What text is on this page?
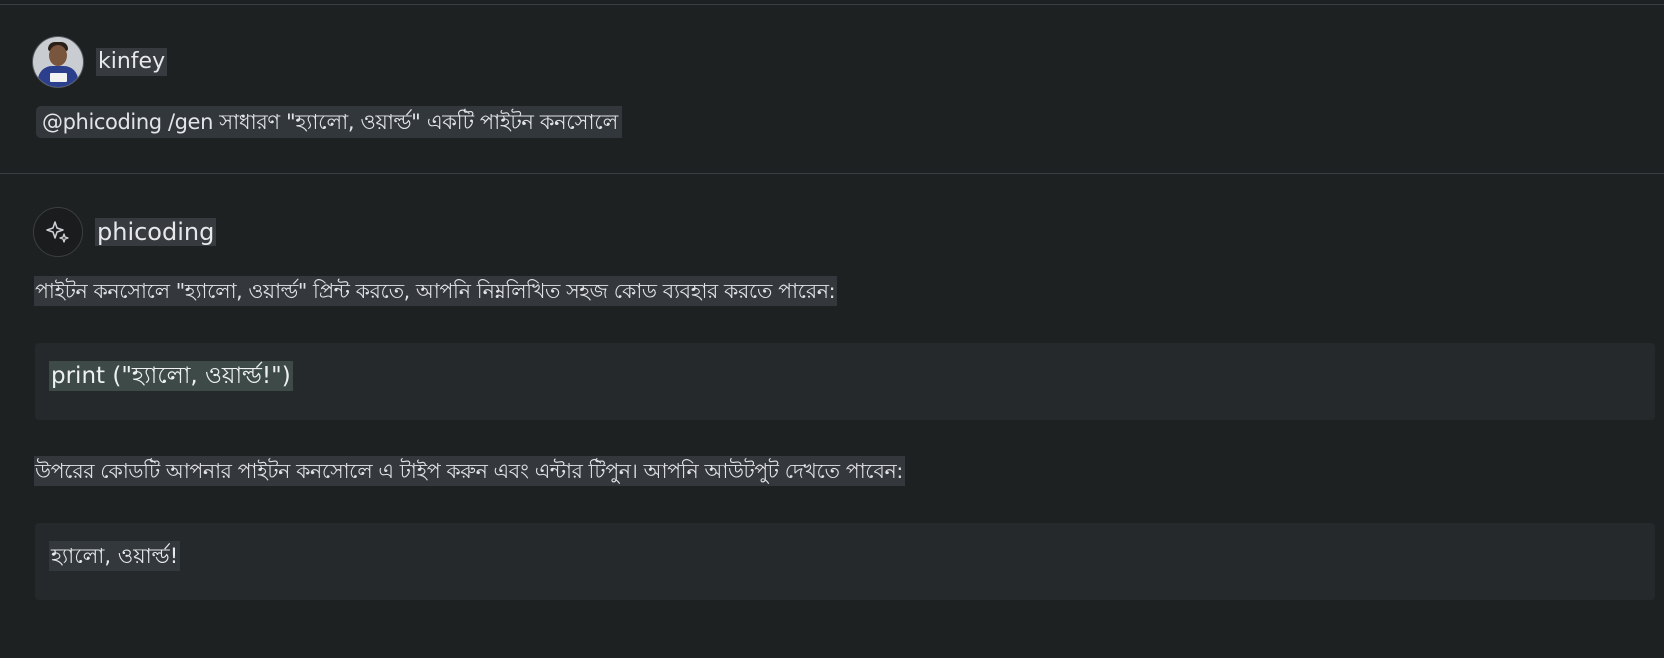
kinfey
@phicoding /gen সাধারণ "হ্যালো, ওয়ার্ল্ড" একটি পাইটন কনসোলে
phicoding
পাইটন কনসোলে "হ্যালো, ওয়ার্ল্ড" প্রিন্ট করতে, আপনি নিম্নলিখিত সহজ কোড ব্যবহার করতে পারেন:
print ("হ্যালো, ওয়ার্ল্ড!")
উপরের কোডটি আপনার পাইটন কনসোলে এ টাইপ করুন এবং এন্টার টিপুন। আপনি আউটপুট দেখতে পাবেন:
হ্যালো, ওয়ার্ল্ড!
